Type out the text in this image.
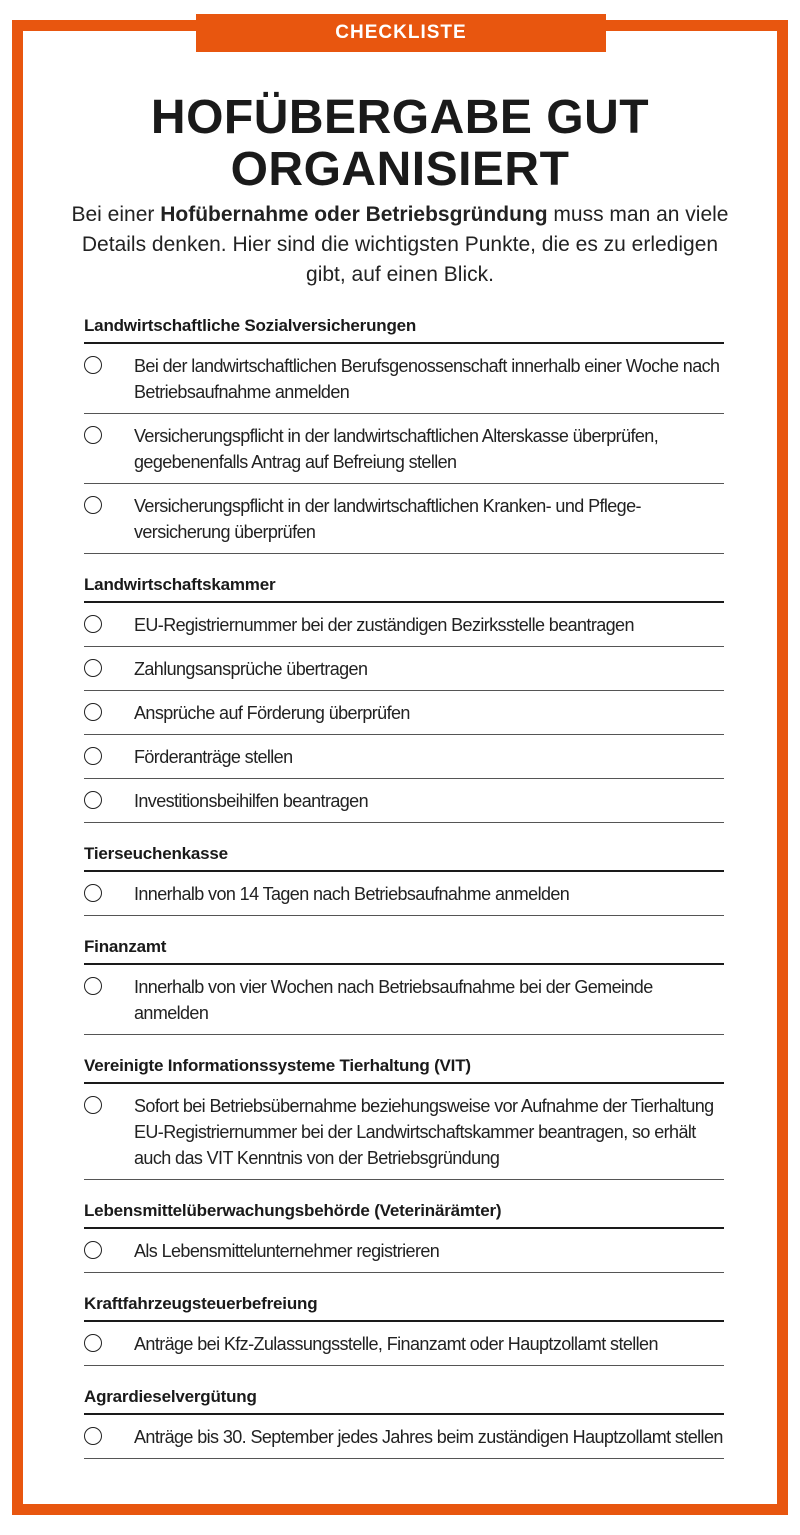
CHECKLISTE
HOFÜBERGABE GUT
ORGANISIERT

Bei einer Hofübernahme oder Betriebsgründung muss man an viele Details denken. Hier sind die wichtigsten Punkte, die es zu erledigen gibt, auf einen Blick.

Landwirtschaftliche Sozialversicherungen
Bei der landwirtschaftlichen Berufsgenossenschaft innerhalb einer Woche nach Betriebsaufnahme anmelden
Versicherungspflicht in der landwirtschaftlichen Alterskasse überprüfen, gegebenenfalls Antrag auf Befreiung stellen
Versicherungspflicht in der landwirtschaftlichen Kranken- und Pflegeversicherung überprüfen
Landwirtschaftskammer
EU-Registriernummer bei der zuständigen Bezirksstelle beantragen
Zahlungsansprüche übertragen
Ansprüche auf Förderung überprüfen
Förderanträge stellen
Investitionsbeihilfen beantragen
Tierseuchenkasse
Innerhalb von 14 Tagen nach Betriebsaufnahme anmelden
Finanzamt
Innerhalb von vier Wochen nach Betriebsaufnahme bei der Gemeinde anmelden
Vereinigte Informationssysteme Tierhaltung (VIT)
Sofort bei Betriebsübernahme beziehungsweise vor Aufnahme der Tierhaltung EU-Registriernummer bei der Landwirtschaftskammer beantragen, so erhält auch das VIT Kenntnis von der Betriebsgründung
Lebensmittelüberwachungsbehörde (Veterinärämter)
Als Lebensmittelunternehmer registrieren
Kraftfahrzeugsteuerbefreiung
Anträge bei Kfz-Zulassungsstelle, Finanzamt oder Hauptzollamt stellen
Agrardieselvergütung
Anträge bis 30. September jedes Jahres beim zuständigen Hauptzollamt stellen
